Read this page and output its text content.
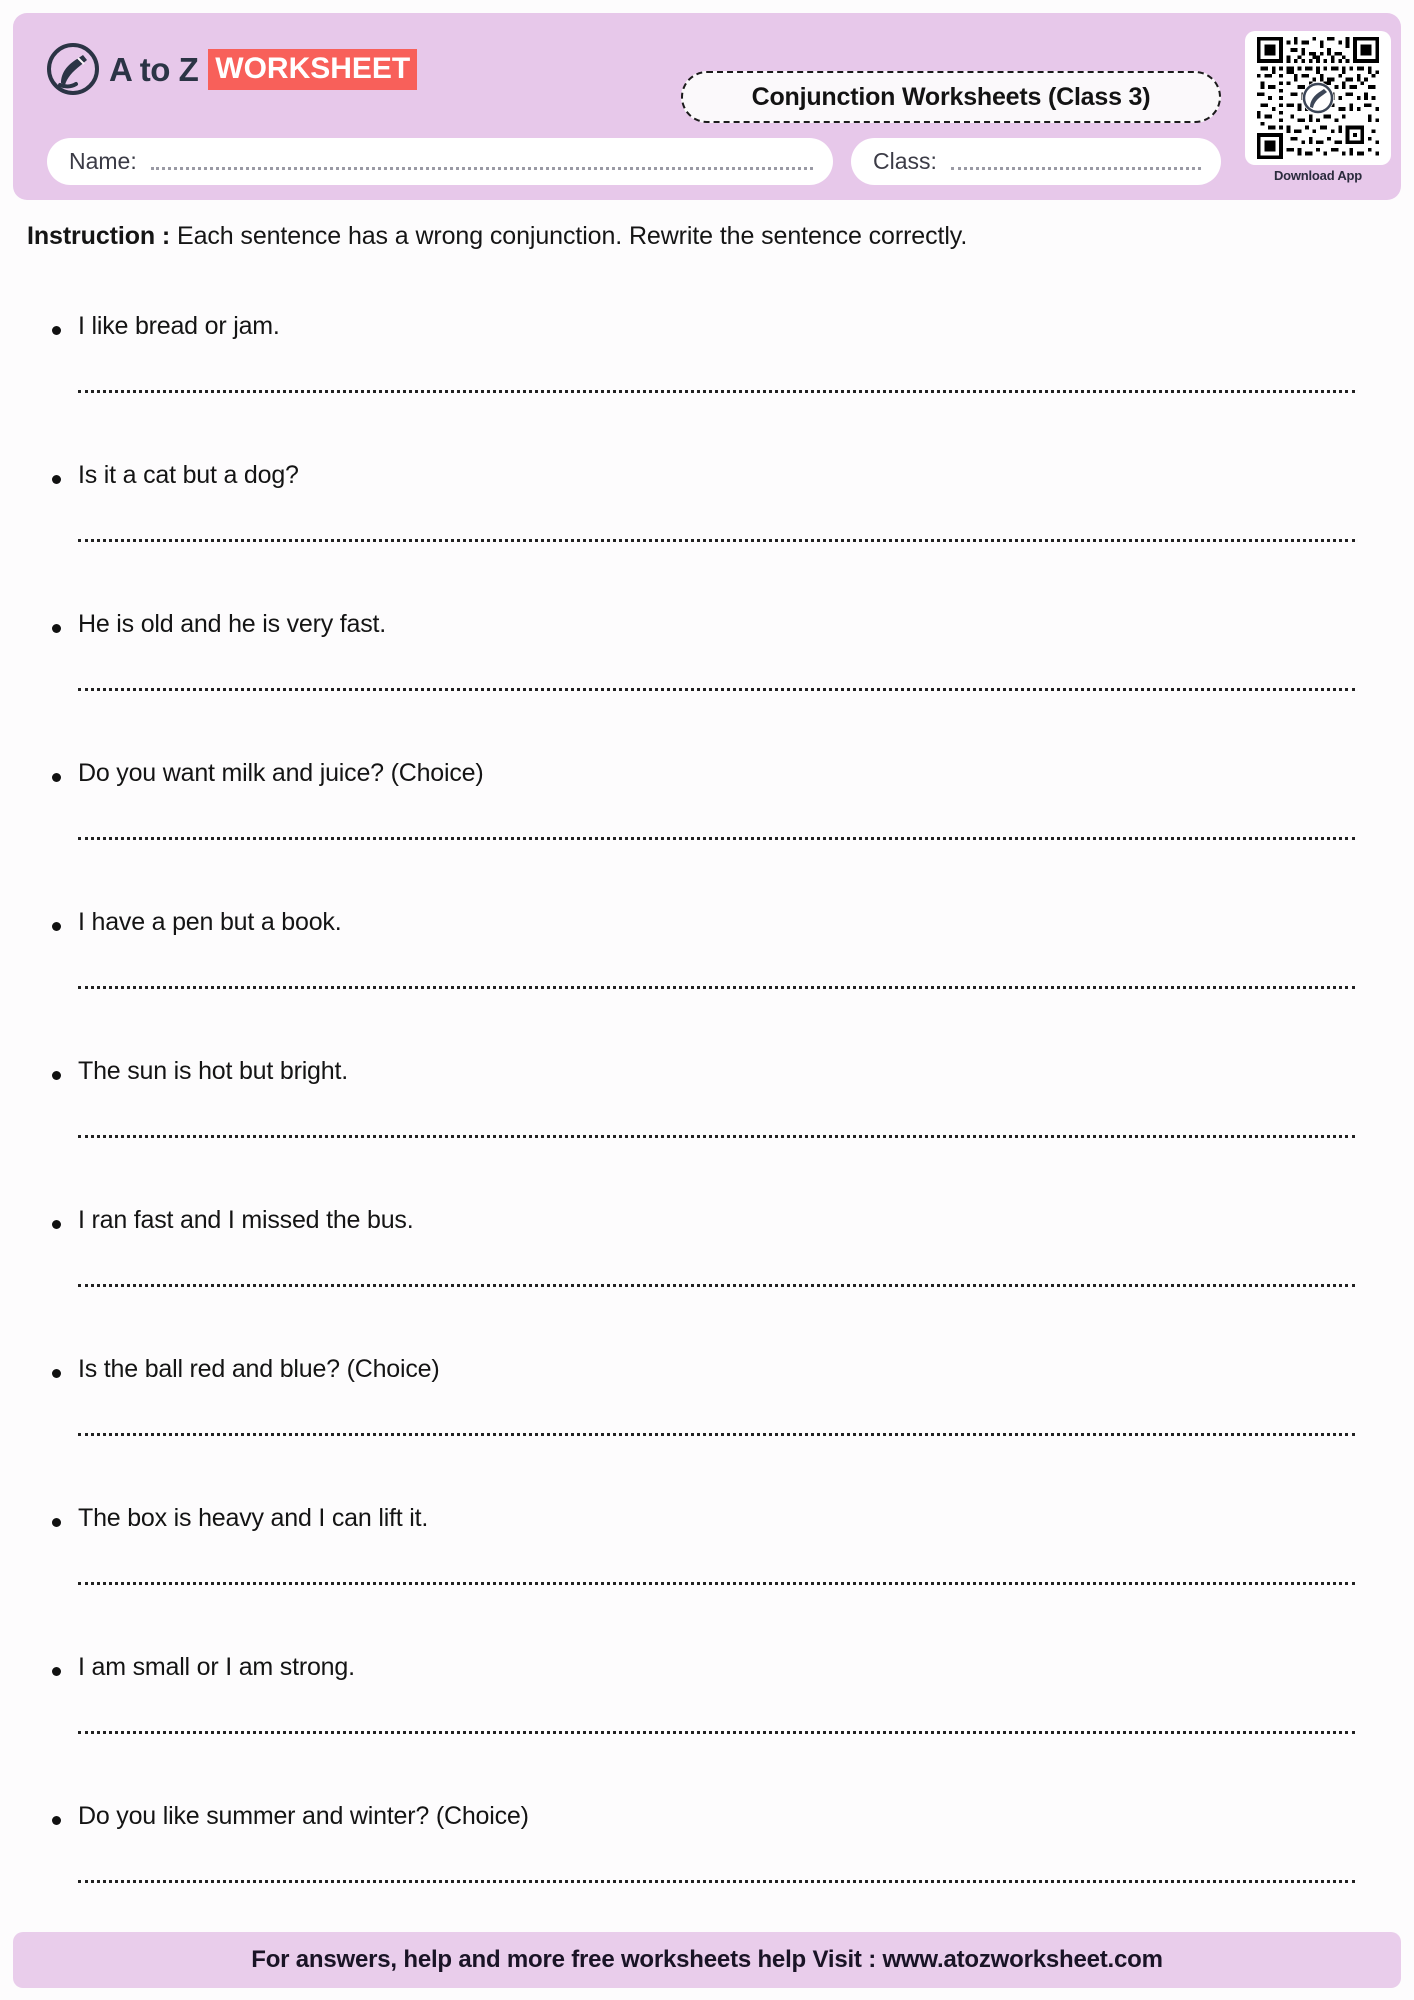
A to Z WORKSHEET
Conjunction Worksheets (Class 3)
Download App
Name:	Class:
Instruction : Each sentence has a wrong conjunction. Rewrite the sentence correctly.
I like bread or jam.
Is it a cat but a dog?
He is old and he is very fast.
Do you want milk and juice? (Choice)
I have a pen but a book.
The sun is hot but bright.
I ran fast and I missed the bus.
Is the ball red and blue? (Choice)
The box is heavy and I can lift it.
I am small or I am strong.
Do you like summer and winter? (Choice)
For answers, help and more free worksheets help Visit : www.atozworksheet.com
